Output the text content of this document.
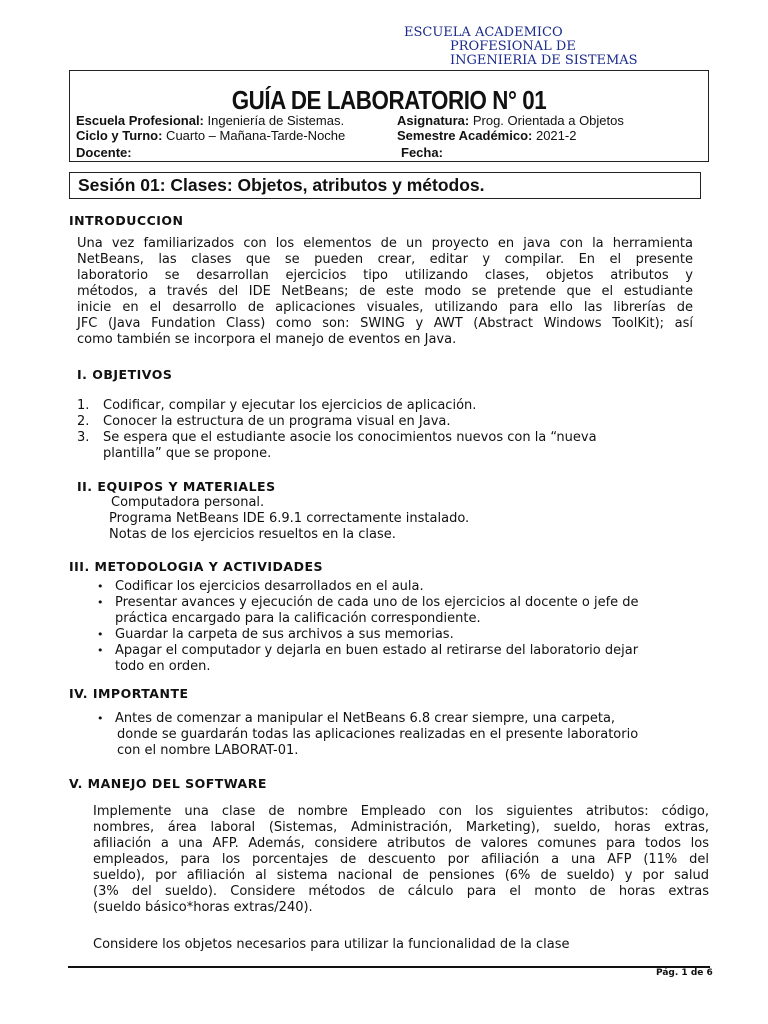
ESCUELA ACADEMICO
PROFESIONAL DE
INGENIERIA DE SISTEMAS
GUÍA DE LABORATORIO N° 01
Escuela Profesional: Ingeniería de Sistemas.	Asignatura: Prog. Orientada a Objetos
Ciclo y Turno: Cuarto – Mañana-Tarde-Noche	Semestre Académico: 2021-2
Docente:	Fecha:
Sesión 01: Clases: Objetos, atributos y métodos.
INTRODUCCION
Una vez familiarizados con los elementos de un proyecto en java con la herramienta
NetBeans, las clases que se pueden crear, editar y compilar. En el presente
laboratorio se desarrollan ejercicios tipo utilizando clases, objetos atributos y
métodos, a través del IDE NetBeans; de este modo se pretende que el estudiante
inicie en el desarrollo de aplicaciones visuales, utilizando para ello las librerías de
JFC (Java Fundation Class) como son: SWING y AWT (Abstract Windows ToolKit); así
como también se incorpora el manejo de eventos en Java.
I. OBJETIVOS
1. Codificar, compilar y ejecutar los ejercicios de aplicación.
2. Conocer la estructura de un programa visual en Java.
3. Se espera que el estudiante asocie los conocimientos nuevos con la “nueva
plantilla” que se propone.
II. EQUIPOS Y MATERIALES
Computadora personal.
Programa NetBeans IDE 6.9.1 correctamente instalado.
Notas de los ejercicios resueltos en la clase.
III. METODOLOGIA Y ACTIVIDADES
• Codificar los ejercicios desarrollados en el aula.
• Presentar avances y ejecución de cada uno de los ejercicios al docente o jefe de
práctica encargado para la calificación correspondiente.
• Guardar la carpeta de sus archivos a sus memorias.
• Apagar el computador y dejarla en buen estado al retirarse del laboratorio dejar
todo en orden.
IV. IMPORTANTE
• Antes de comenzar a manipular el NetBeans 6.8 crear siempre, una carpeta,
donde se guardarán todas las aplicaciones realizadas en el presente laboratorio
con el nombre LABORAT-01.
V. MANEJO DEL SOFTWARE
Implemente una clase de nombre Empleado con los siguientes atributos: código,
nombres, área laboral (Sistemas, Administración, Marketing), sueldo, horas extras,
afiliación a una AFP. Además, considere atributos de valores comunes para todos los
empleados, para los porcentajes de descuento por afiliación a una AFP (11% del
sueldo), por afiliación al sistema nacional de pensiones (6% de sueldo) y por salud
(3% del sueldo). Considere métodos de cálculo para el monto de horas extras
(sueldo básico*horas extras/240).
Considere los objetos necesarios para utilizar la funcionalidad de la clase
Pág. 1 de 6
